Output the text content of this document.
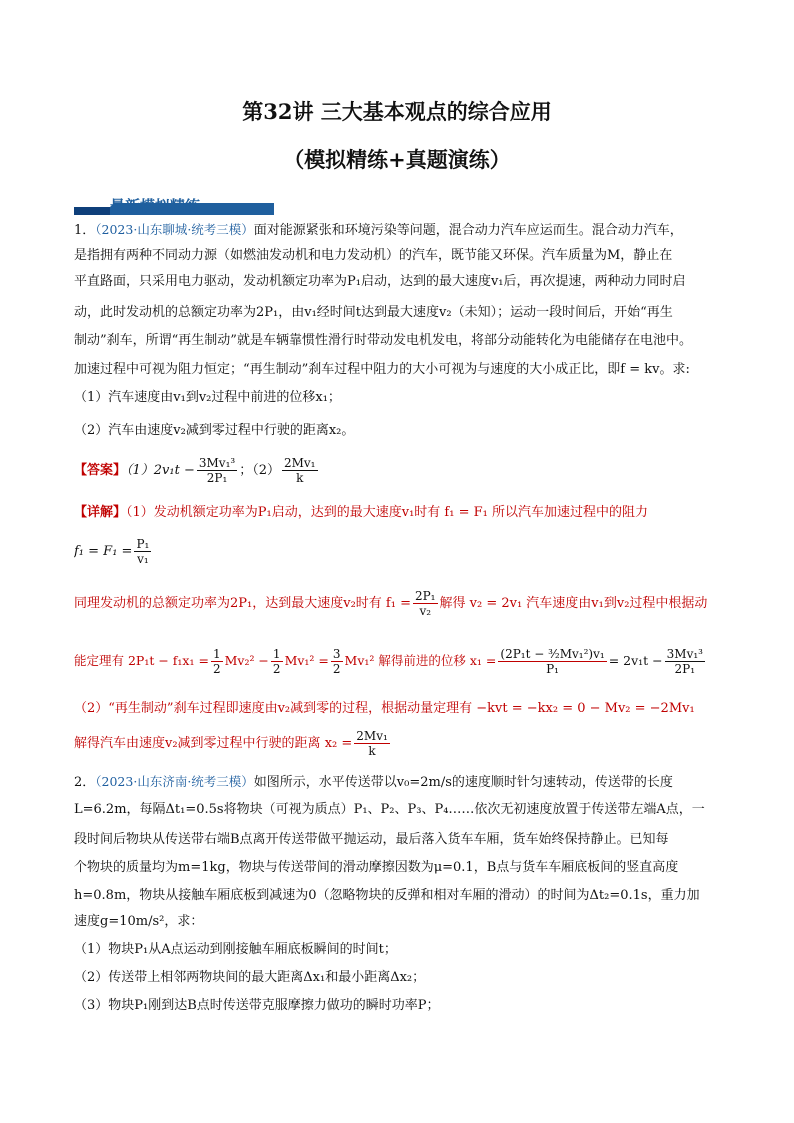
第32讲 三大基本观点的综合应用
（模拟精练+真题演练）
最新模拟精练
1．（2023·山东聊城·统考三模）面对能源紧张和环境污染等问题，混合动力汽车应运而生。混合动力汽车，
是指拥有两种不同动力源（如燃油发动机和电力发动机）的汽车，既节能又环保。汽车质量为M，静止在
平直路面，只采用电力驱动，发动机额定功率为P₁启动，达到的最大速度v₁后，再次提速，两种动力同时启
动，此时发动机的总额定功率为2P₁，由v₁经时间t达到最大速度v₂（未知）；运动一段时间后，开始“再生
制动”刹车，所谓“再生制动”就是车辆靠惯性滑行时带动发电机发电，将部分动能转化为电能储存在电池中。
加速过程中可视为阻力恒定；“再生制动”刹车过程中阻力的大小可视为与速度的大小成正比，即f = kv。求:
（1）汽车速度由v₁到v₂过程中前进的位移x₁；
（2）汽车由速度v₂减到零过程中行驶的距离x₂。
【答案】$(1)2v_1t - \frac{\text{3Mv₁³}}{\text{2P₁}}$ ；$(2) \frac{\text{2Mv₁}}{k}$
【详解】（1）发动机额定功率为P₁启动，达到的最大速度v₁时有 f₁ = F₁ 所以汽车加速过程中的阻力
$f_1 = F_1 = \frac{\text{P₁}}{\text{v₁}}$
同理发动机的总额定功率为2P₁，达到最大速度v₂时有 $f_1 = \frac{\text{2P₁}}{\text{v₂}}$ 解得 v₂ = 2v₁ 汽车速度由v₁到v₂过程中根据动
能定理有 $2P_1t - f_1x_1 = \frac{1}{2} Mv_2^2 - \frac{1}{2} Mv_1^2 = \frac{3}{2} Mv_1^2$ 解得前进的位移 $x_1 = \frac{\text{(2P₁t − ³⁄₂Mv₁²)v₁}}{\text{P₁}} = 2v_1t - \frac{\text{3Mv₁³}}{\text{2P₁}}$
（2）“再生制动”刹车过程即速度由v₂减到零的过程，根据动量定理有 −kvt = −kx₂ = 0 − Mv₂ = −2Mv₁
解得汽车由速度v₂减到零过程中行驶的距离 $x_2 = \frac{\text{2Mv₁}}{k}$
2．（2023·山东济南·统考三模）如图所示，水平传送带以v₀=2m/s的速度顺时针匀速转动，传送带的长度
L=6.2m，每隔Δt₁=0.5s将物块（可视为质点）P₁、P₂、P₃、P₄……依次无初速度放置于传送带左端A点，一
段时间后物块从传送带右端B点离开传送带做平抛运动，最后落入货车车厢，货车始终保持静止。已知每
个物块的质量均为m=1kg，物块与传送带间的滑动摩擦因数为μ=0.1，B点与货车车厢底板间的竖直高度
h=0.8m，物块从接触车厢底板到减速为0（忽略物块的反弹和相对车厢的滑动）的时间为Δt₂=0.1s，重力加
速度g=10m/s²，求：
（1）物块P₁从A点运动到刚接触车厢底板瞬间的时间t；
（2）传送带上相邻两物块间的最大距离Δx₁和最小距离Δx₂；
（3）物块P₁刚到达B点时传送带克服摩擦力做功的瞬时功率P；
